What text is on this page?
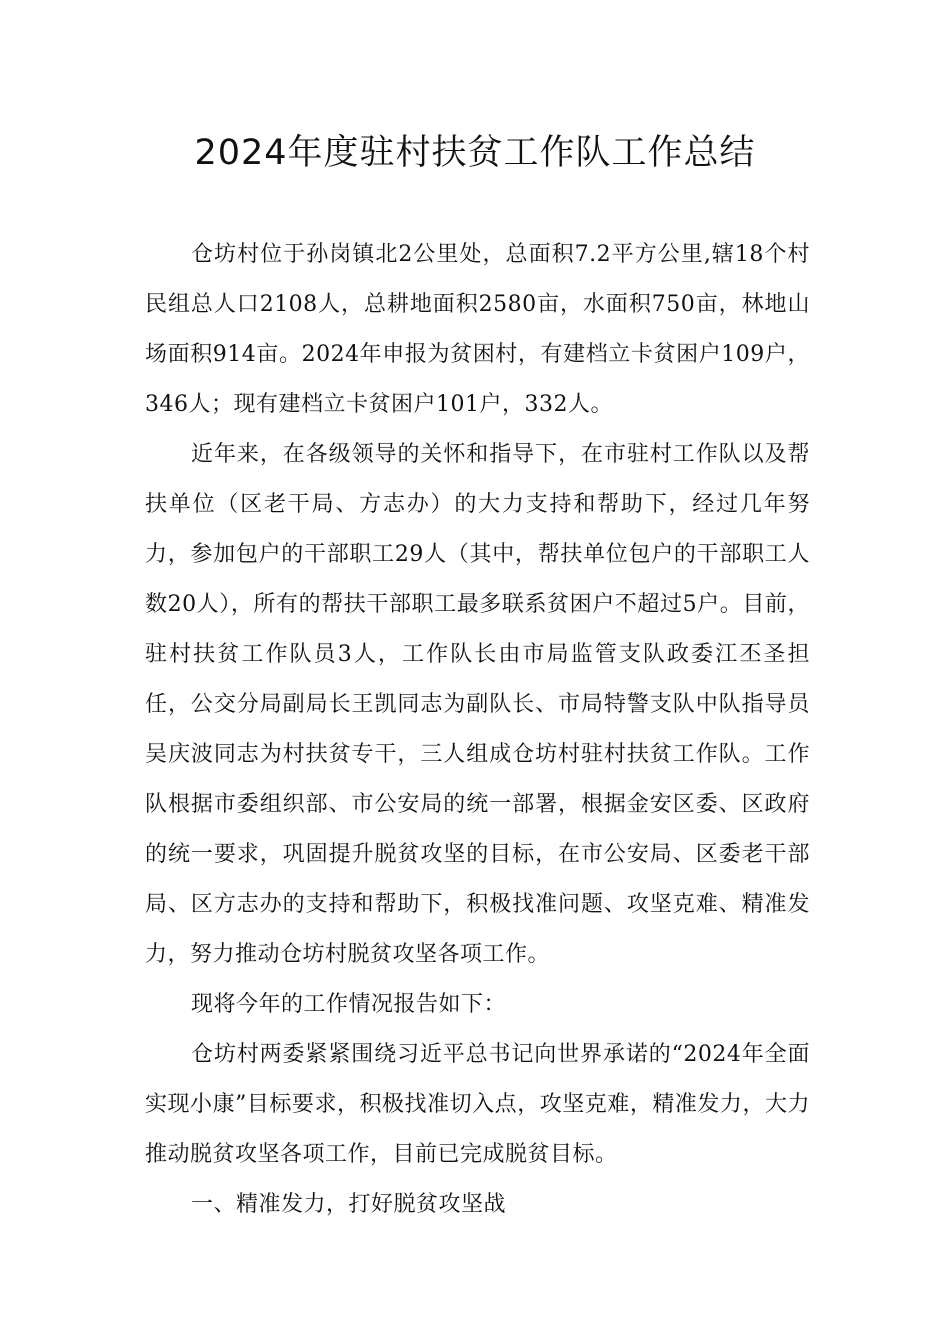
2024年度驻村扶贫工作队工作总结

仓坊村位于孙岗镇北2公里处，总面积7.2平方公里,辖18个村民组总人口2108人，总耕地面积2580亩，水面积750亩，林地山场面积914亩。2024年申报为贫困村，有建档立卡贫困户109户，346人；现有建档立卡贫困户101户，332人。

近年来，在各级领导的关怀和指导下，在市驻村工作队以及帮扶单位（区老干局、方志办）的大力支持和帮助下，经过几年努力，参加包户的干部职工29人（其中，帮扶单位包户的干部职工人数20人），所有的帮扶干部职工最多联系贫困户不超过5户。目前，驻村扶贫工作队员3人，工作队长由市局监管支队政委江丕圣担任，公交分局副局长王凯同志为副队长、市局特警支队中队指导员吴庆波同志为村扶贫专干，三人组成仓坊村驻村扶贫工作队。工作队根据市委组织部、市公安局的统一部署，根据金安区委、区政府的统一要求，巩固提升脱贫攻坚的目标，在市公安局、区委老干部局、区方志办的支持和帮助下，积极找准问题、攻坚克难、精准发力，努力推动仓坊村脱贫攻坚各项工作。

现将今年的工作情况报告如下：

仓坊村两委紧紧围绕习近平总书记向世界承诺的“2024年全面实现小康”目标要求，积极找准切入点，攻坚克难，精准发力，大力推动脱贫攻坚各项工作，目前已完成脱贫目标。

一、精准发力，打好脱贫攻坚战
